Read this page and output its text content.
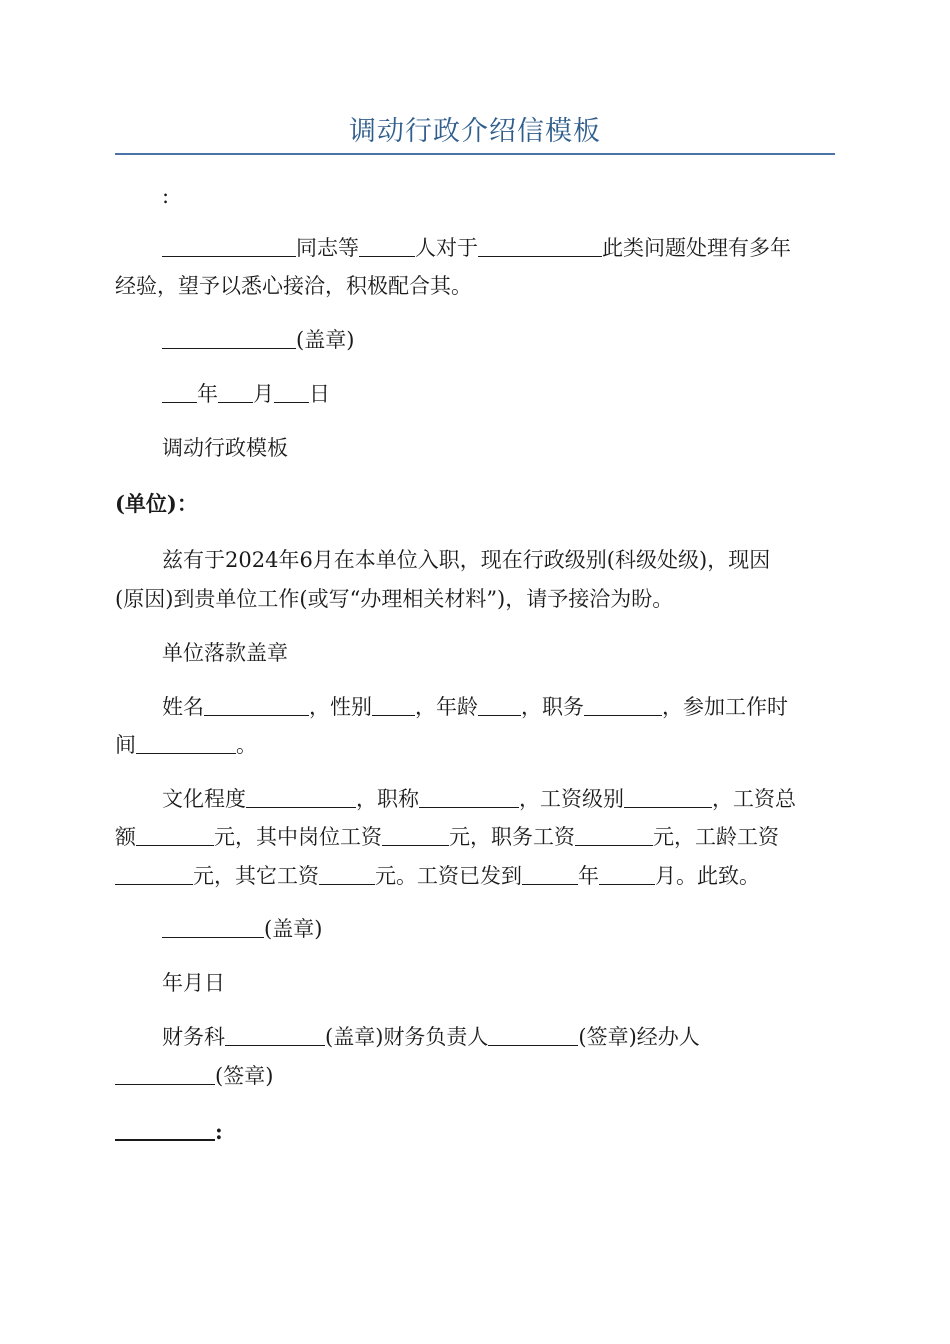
调动行政介绍信模板
:
同志等	人对于	此类问题处理有多年
经验，望予以悉心接洽，积极配合其。
(盖章)
年 月 日
调动行政模板
(单位)：
兹有于2024年6月在本单位入职，现在行政级别(科级处级)，现因
(原因)到贵单位工作(或写“办理相关材料”)，请予接洽为盼。
单位落款盖章
姓名	，性别 ，年龄 ，职务	，参加工作时
间	。
文化程度	，职称	，工资级别	，工资总
额	元，其中岗位工资	元，职务工资	元，工龄工资
元，其它工资	元。工资已发到	年	月。此致。
(盖章)
年月日
财务科	(盖章)财务负责人	(签章)经办人
(签章)
:
